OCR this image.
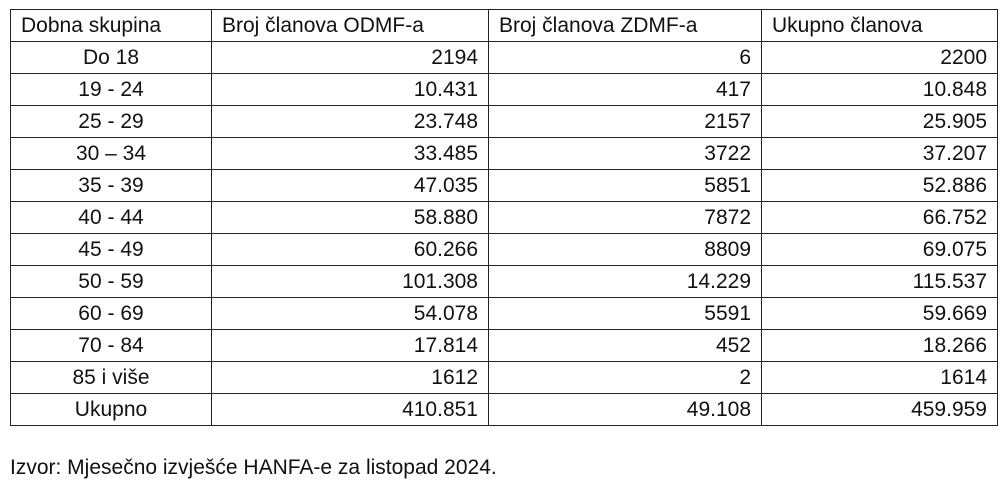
Dobna skupina	Broj članova ODMF-a	Broj članova ZDMF-a	Ukupno članova
Do 18	2194	6	2200
19 - 24	10.431	417	10.848
25 - 29	23.748	2157	25.905
30 – 34	33.485	3722	37.207
35 - 39	47.035	5851	52.886
40 - 44	58.880	7872	66.752
45 - 49	60.266	8809	69.075
50 - 59	101.308	14.229	115.537
60 - 69	54.078	5591	59.669
70 - 84	17.814	452	18.266
85 i više	1612	2	1614
Ukupno	410.851	49.108	459.959
Izvor: Mjesečno izvješće HANFA-e za listopad 2024.
